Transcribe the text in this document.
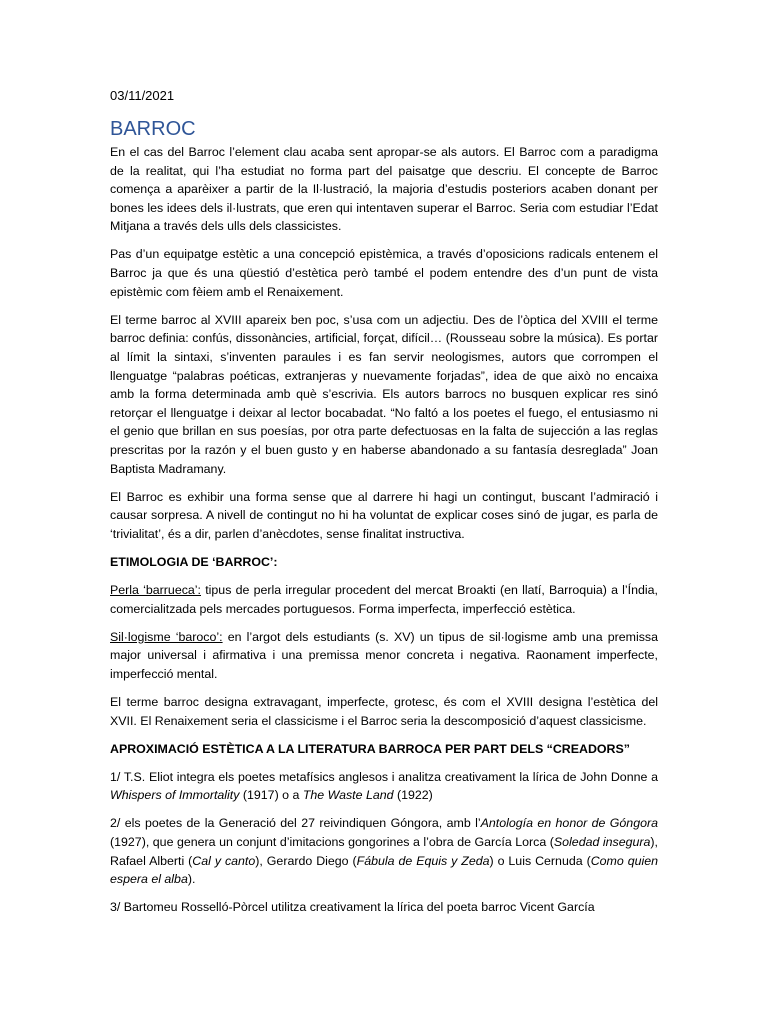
03/11/2021
BARROC

En el cas del Barroc l’element clau acaba sent apropar-se als autors. El Barroc com a paradigma de la realitat, qui l’ha estudiat no forma part del paisatge que descriu. El concepte de Barroc comença a aparèixer a partir de la Il·lustració, la majoria d’estudis posteriors acaben donant per bones les idees dels il·lustrats, que eren qui intentaven superar el Barroc. Seria com estudiar l’Edat Mitjana a través dels ulls dels classicistes.

Pas d’un equipatge estètic a una concepció epistèmica, a través d’oposicions radicals entenem el Barroc ja que és una qüestió d’estètica però també el podem entendre des d’un punt de vista epistèmic com fèiem amb el Renaixement.

El terme barroc al XVIII apareix ben poc, s’usa com un adjectiu. Des de l’òptica del XVIII el terme barroc definia: confús, dissonàncies, artificial, forçat, difícil… (Rousseau sobre la música). Es portar al límit la sintaxi, s’inventen paraules i es fan servir neologismes, autors que corrompen el llenguatge “palabras poéticas, extranjeras y nuevamente forjadas”, idea de que això no encaixa amb la forma determinada amb què s’escrivia. Els autors barrocs no busquen explicar res sinó retorçar el llenguatge i deixar al lector bocabadat. “No faltó a los poetes el fuego, el entusiasmo ni el genio que brillan en sus poesías, por otra parte defectuosas en la falta de sujección a las reglas prescritas por la razón y el buen gusto y en haberse abandonado a su fantasía desreglada” Joan Baptista Madramany.

El Barroc es exhibir una forma sense que al darrere hi hagi un contingut, buscant l’admiració i causar sorpresa. A nivell de contingut no hi ha voluntat de explicar coses sinó de jugar, es parla de ‘trivialitat’, és a dir, parlen d’anècdotes, sense finalitat instructiva.

ETIMOLOGIA DE ‘BARROC’:

Perla ‘barrueca’: tipus de perla irregular procedent del mercat Broakti (en llatí, Barroquia) a l’Índia, comercialitzada pels mercades portuguesos. Forma imperfecta, imperfecció estètica.

Sil·logisme ‘baroco’: en l’argot dels estudiants (s. XV) un tipus de sil·logisme amb una premissa major universal i afirmativa i una premissa menor concreta i negativa. Raonament imperfecte, imperfecció mental.

El terme barroc designa extravagant, imperfecte, grotesc, és com el XVIII designa l’estètica del XVII. El Renaixement seria el classicisme i el Barroc seria la descomposició d’aquest classicisme.

APROXIMACIÓ ESTÈTICA A LA LITERATURA BARROCA PER PART DELS “CREADORS”

1/ T.S. Eliot integra els poetes metafísics anglesos i analitza creativament la lírica de John Donne a Whispers of Immortality (1917) o a The Waste Land (1922)

2/ els poetes de la Generació del 27 reivindiquen Góngora, amb l’Antología en honor de Góngora (1927), que genera un conjunt d’imitacions gongorines a l’obra de García Lorca (Soledad insegura), Rafael Alberti (Cal y canto), Gerardo Diego (Fábula de Equis y Zeda) o Luis Cernuda (Como quien espera el alba).

3/ Bartomeu Rosselló-Pòrcel utilitza creativament la lírica del poeta barroc Vicent García
